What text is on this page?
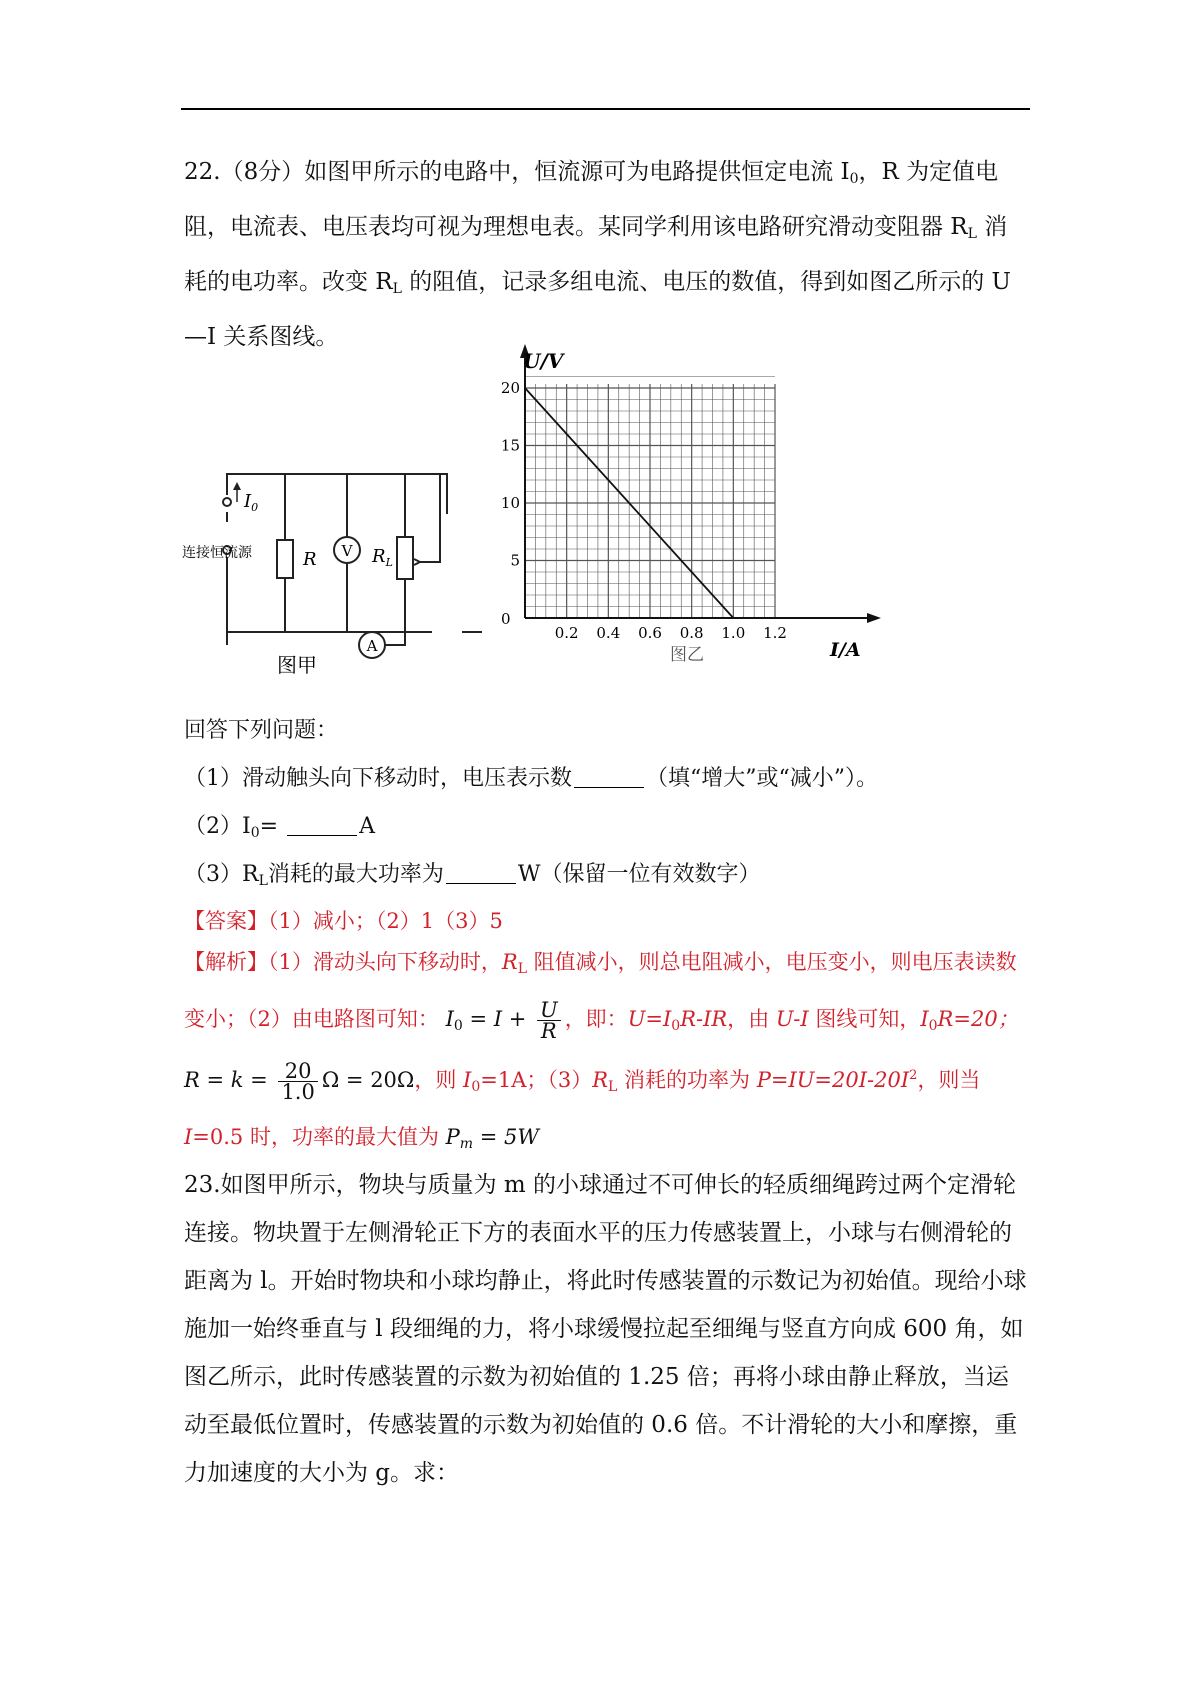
22.（8分）如图甲所示的电路中，恒流源可为电路提供恒定电流 $I_0$，R 为定值电阻，电流表、电压表均可视为理想电表。某同学利用该电路研究滑动变阻器 $R_L$ 消耗的电功率。改变 $R_L$ 的阻值，记录多组电流、电压的数值，得到如图乙所示的 U—I 关系图线。

$I_0$
连接恒流源	R V $R_L$
A
图甲
5
10
15
20
0.2 0.4 0.6 0.8 1.0 1.2
U/V
I/A
0
图乙
回答下列问题：
（1）滑动触头向下移动时，电压表示数	（填“增大”或“减小”）。
$(2)I_0=$	A
$(3)R_L$消耗的最大功率为	W（保留一位有效数字）
【答案】（1）减小；（2）1（3）5
【解析】（1）滑动头向下移动时，$R_L$ 阻值减小，则总电阻减小，电压变小，则电压表读数变小；（2）由电路图可知： $I_0 = I + \frac{U}{R}$ ，即：$U=I_0R-IR$，由 U-I 图线可知，$I_0R=20$；
$R = k = \frac{20}{1.0}$ Ω = 20Ω，则 $I_0=1A$；$(3)R_L$ 消耗的功率为 $P=IU=20I-20I^2$，则当 I=0.5 时，功率的最大值为 $P_m = 5W$

23.如图甲所示，物块与质量为 m 的小球通过不可伸长的轻质细绳跨过两个定滑轮连接。物块置于左侧滑轮正下方的表面水平的压力传感装置上，小球与右侧滑轮的距离为 l。开始时物块和小球均静止，将此时传感装置的示数记为初始值。现给小球施加一始终垂直与 l 段细绳的力，将小球缓慢拉起至细绳与竖直方向成 600 角，如图乙所示，此时传感装置的示数为初始值的 1.25 倍；再将小球由静止释放，当运动至最低位置时，传感装置的示数为初始值的 0.6 倍。不计滑轮的大小和摩擦，重力加速度的大小为 g。求：
